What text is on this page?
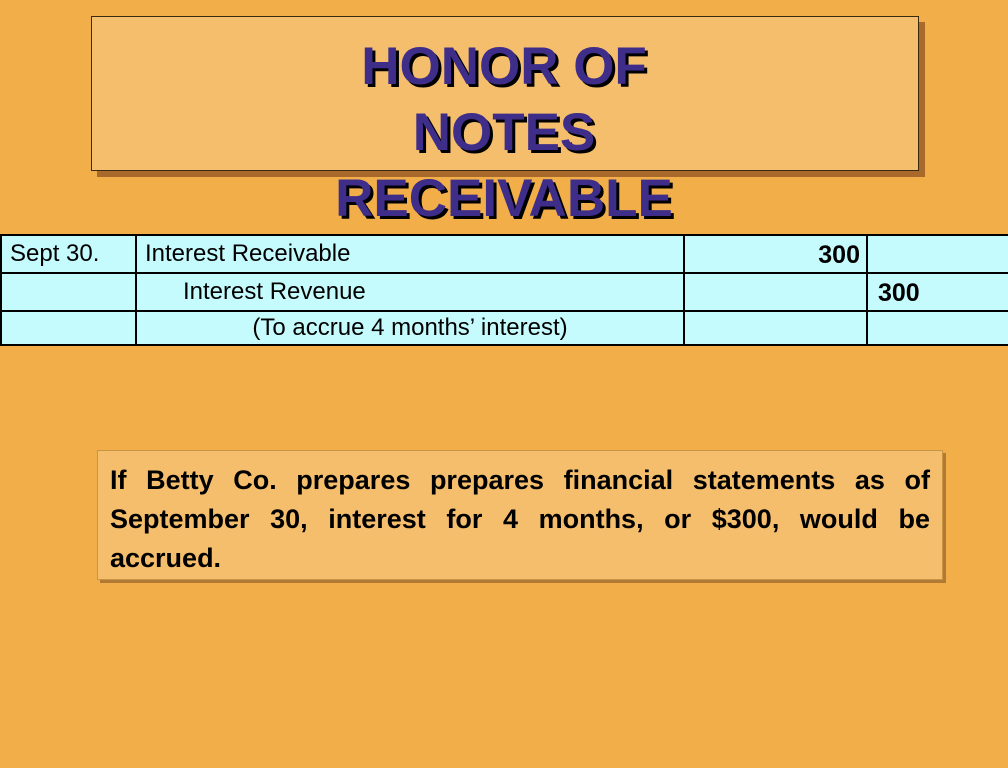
HONOR OF
NOTES
RECEIVABLE
Sept 30.	Interest Receivable	300	
	Interest Revenue		300
	(To accrue 4 months’ interest)		

If Betty Co. prepares prepares financial statements as of September 30, interest for 4 months, or $300, would be accrued.
